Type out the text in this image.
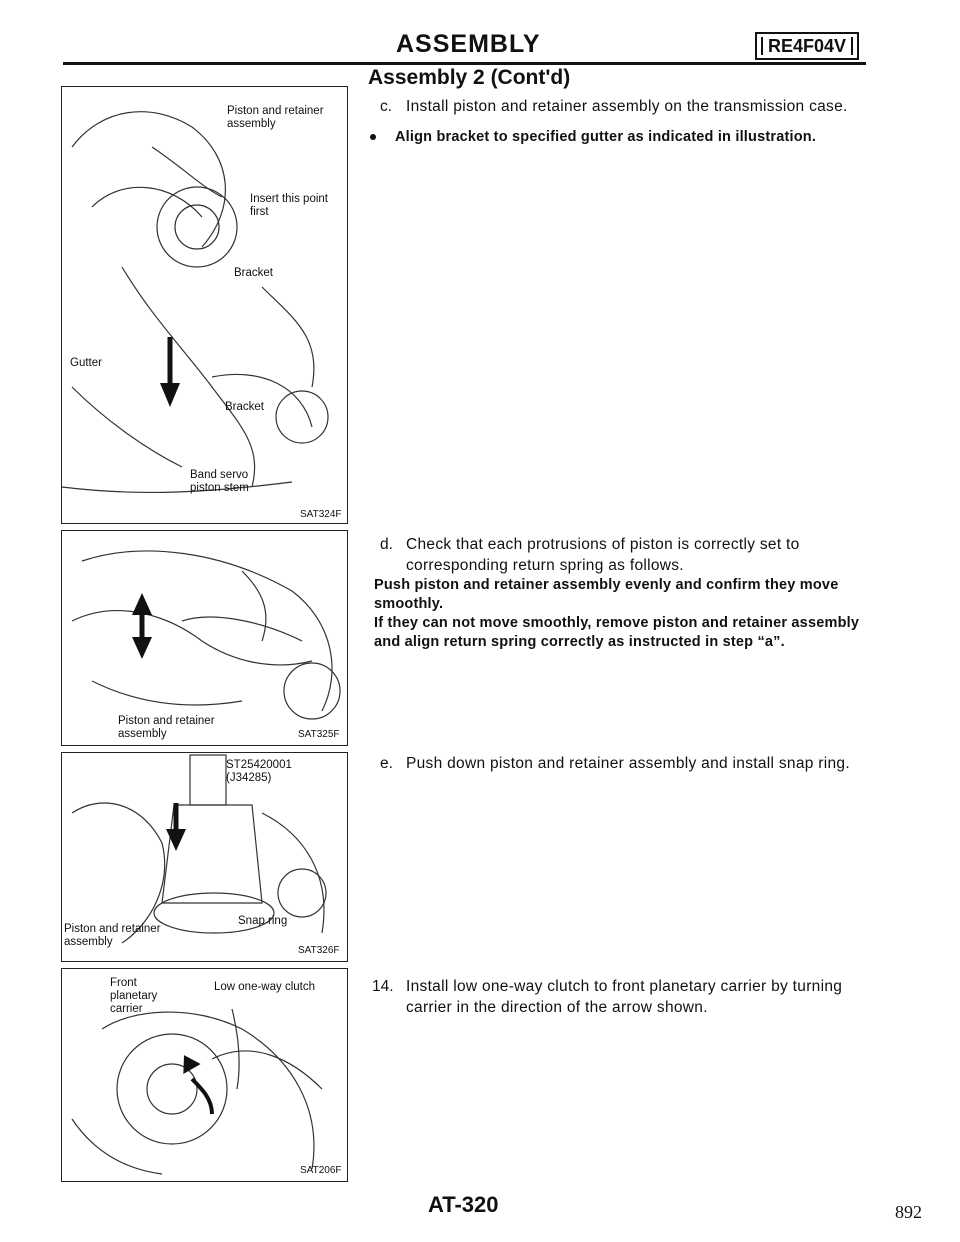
ASSEMBLY	RE4F04V
Assembly 2 (Cont'd)
Piston and retainer
assembly
Insert this point
first
Bracket
Gutter
Bracket
Band servo
piston stem
SAT324F
Piston and retainer
assembly	SAT325F
ST25420001
(J34285)
Snap ring
Piston and retainer
assembly
SAT326F
Front
planetary
carrier
Low one-way clutch
SAT206F
c. Install piston and retainer assembly on the transmission case.
Align bracket to specified gutter as indicated in illustration.
d. Check that each protrusions of piston is correctly set to corresponding return spring as follows.
Push piston and retainer assembly evenly and confirm they move smoothly.
If they can not move smoothly, remove piston and retainer assembly and align return spring correctly as instructed in step “a”.
e. Push down piston and retainer assembly and install snap ring.
14. Install low one-way clutch to front planetary carrier by turning carrier in the direction of the arrow shown.
AT-320	892
